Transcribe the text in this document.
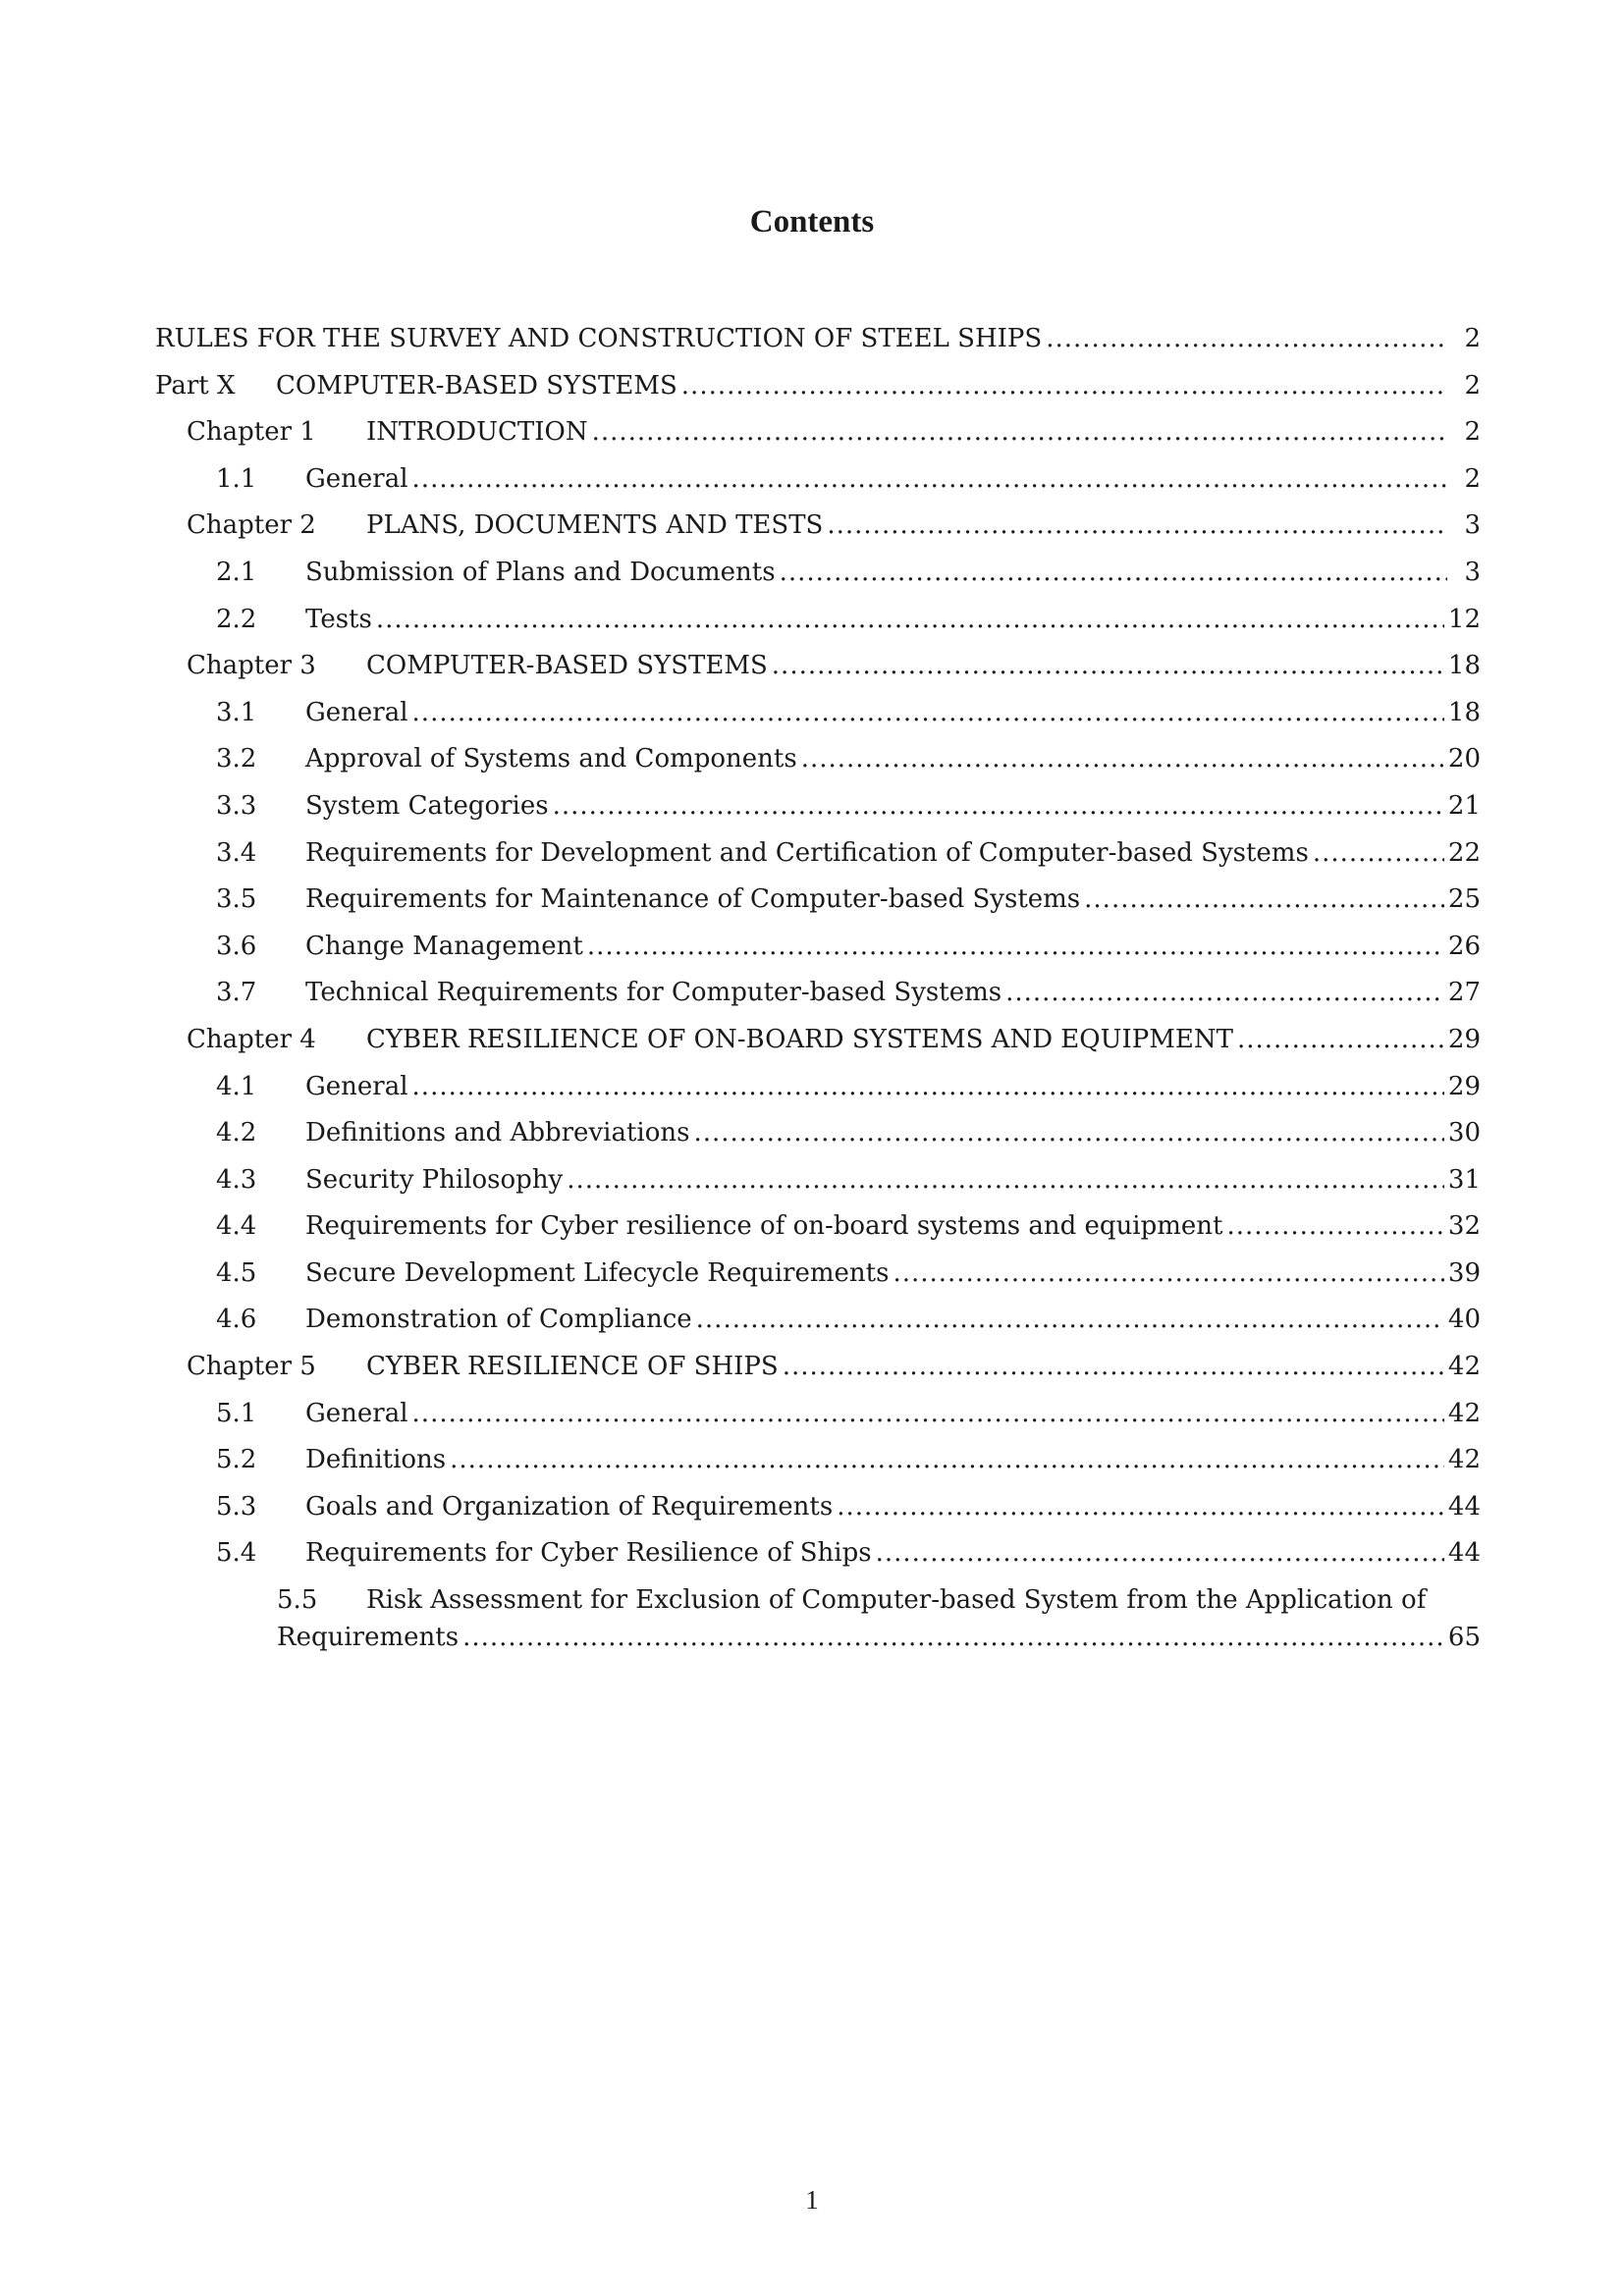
Contents
RULES FOR THE SURVEY AND CONSTRUCTION OF STEEL SHIPS .....	2
Part X	COMPUTER-BASED SYSTEMS .....	2
Chapter 1	INTRODUCTION .....	2
1.1	General .....	2
Chapter 2	PLANS, DOCUMENTS AND TESTS .....	3
2.1	Submission of Plans and Documents .....	3
2.2	Tests .....	12
Chapter 3	COMPUTER-BASED SYSTEMS .....	18
3.1	General .....	18
3.2	Approval of Systems and Components .....	20
3.3	System Categories .....	21
3.4	Requirements for Development and Certification of Computer-based Systems .....	22
3.5	Requirements for Maintenance of Computer-based Systems .....	25
3.6	Change Management .....	26
3.7	Technical Requirements for Computer-based Systems .....	27
Chapter 4	CYBER RESILIENCE OF ON-BOARD SYSTEMS AND EQUIPMENT .....	29
4.1	General .....	29
4.2	Definitions and Abbreviations .....	30
4.3	Security Philosophy .....	31
4.4	Requirements for Cyber resilience of on-board systems and equipment .....	32
4.5	Secure Development Lifecycle Requirements .....	39
4.6	Demonstration of Compliance .....	40
Chapter 5	CYBER RESILIENCE OF SHIPS .....	42
5.1	General .....	42
5.2	Definitions .....	42
5.3	Goals and Organization of Requirements .....	44
5.4	Requirements for Cyber Resilience of Ships .....	44
5.5 Risk Assessment for Exclusion of Computer-based System from the Application of
Requirements .....	65
1
